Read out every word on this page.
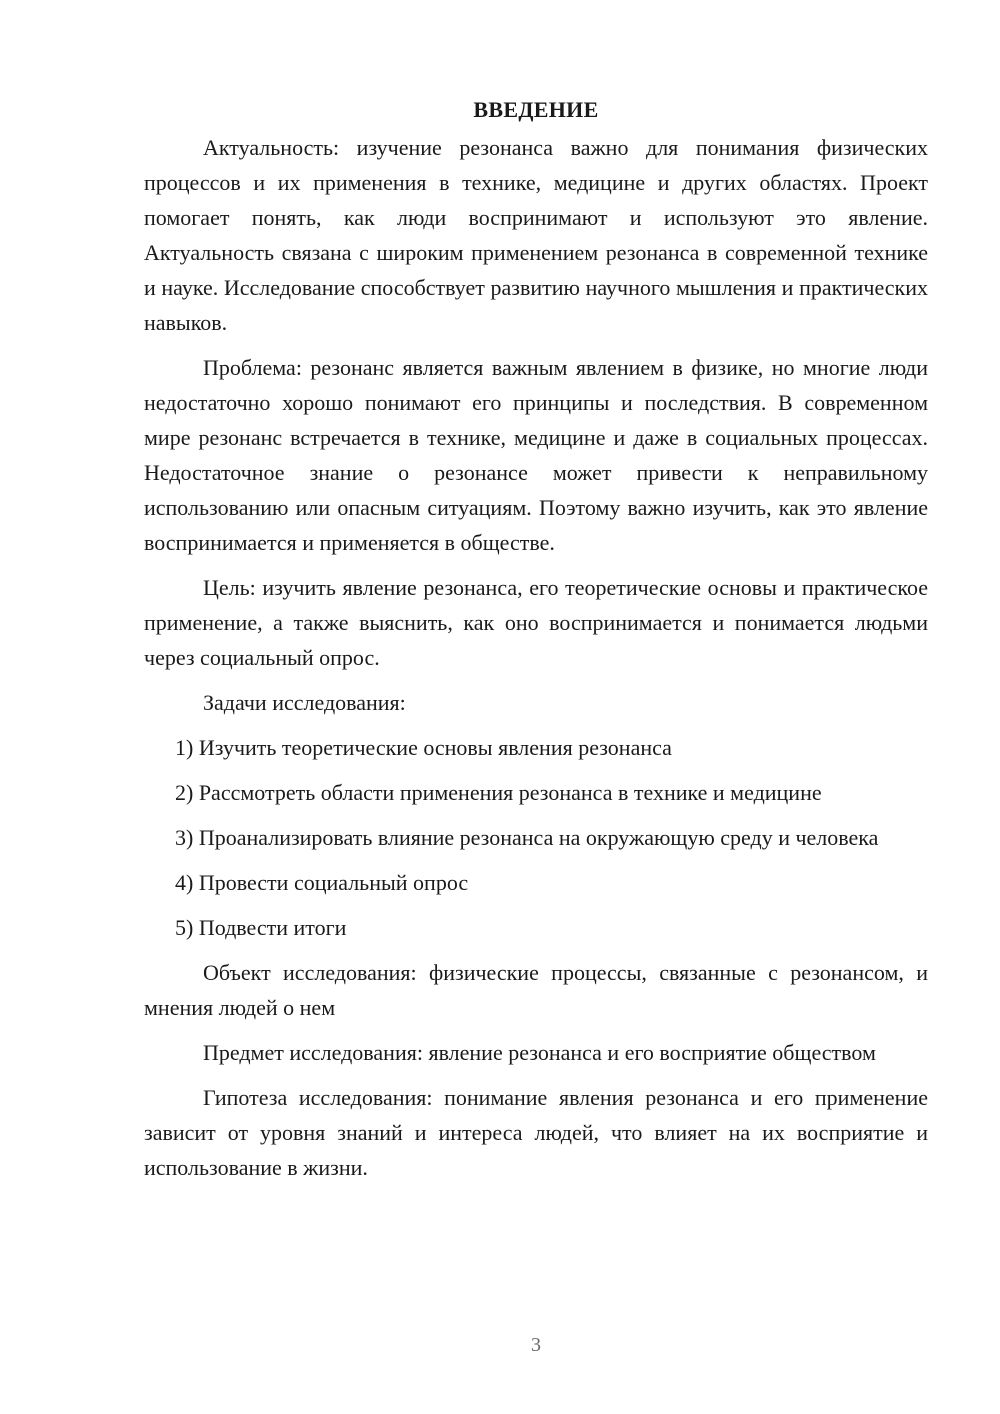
ВВЕДЕНИЕ

Актуальность: изучение резонанса важно для понимания физических процессов и их применения в технике, медицине и других областях. Проект помогает понять, как люди воспринимают и используют это явление. Актуальность связана с широким применением резонанса в современной технике и науке. Исследование способствует развитию научного мышления и практических навыков.

Проблема: резонанс является важным явлением в физике, но многие люди недостаточно хорошо понимают его принципы и последствия. В современном мире резонанс встречается в технике, медицине и даже в социальных процессах. Недостаточное знание о резонансе может привести к неправильному использованию или опасным ситуациям. Поэтому важно изучить, как это явление воспринимается и применяется в обществе.

Цель: изучить явление резонанса, его теоретические основы и практическое применение, а также выяснить, как оно воспринимается и понимается людьми через социальный опрос.

Задачи исследования:

1) Изучить теоретические основы явления резонанса

2) Рассмотреть области применения резонанса в технике и медицине

3) Проанализировать влияние резонанса на окружающую среду и человека

4) Провести социальный опрос

5) Подвести итоги

Объект исследования: физические процессы, связанные с резонансом, и мнения людей о нем

Предмет исследования: явление резонанса и его восприятие обществом

Гипотеза исследования: понимание явления резонанса и его применение зависит от уровня знаний и интереса людей, что влияет на их восприятие и использование в жизни.

3
